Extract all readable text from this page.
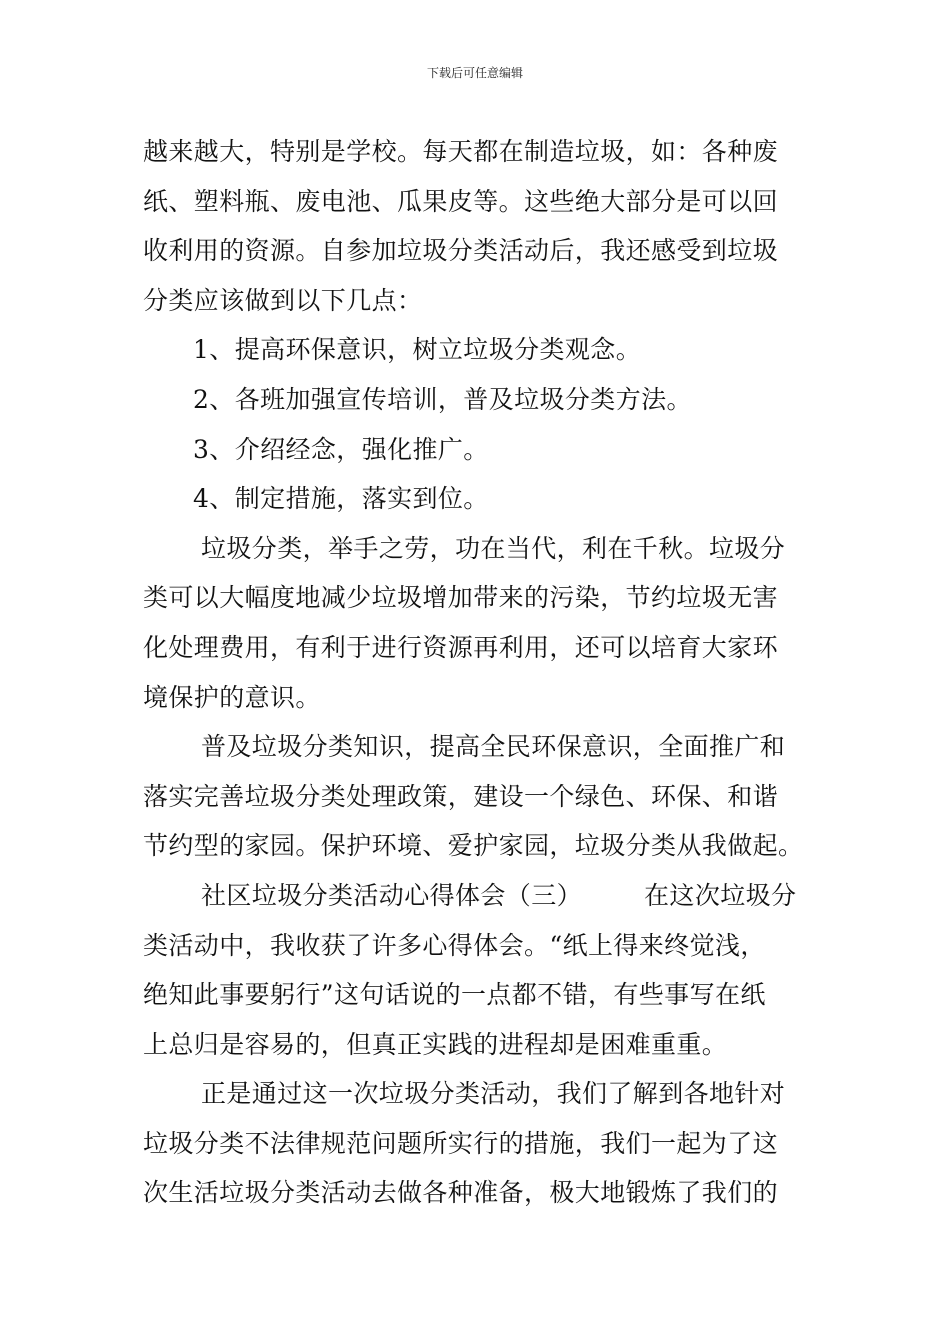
下载后可任意编辑
越来越大，特别是学校。每天都在制造垃圾，如：各种废
纸、塑料瓶、废电池、瓜果皮等。这些绝大部分是可以回
收利用的资源。自参加垃圾分类活动后，我还感受到垃圾
分类应该做到以下几点：
1、提高环保意识，树立垃圾分类观念。
2、各班加强宣传培训，普及垃圾分类方法。
3、介绍经念，强化推广。
4、制定措施，落实到位。
垃圾分类，举手之劳，功在当代，利在千秋。垃圾分
类可以大幅度地减少垃圾增加带来的污染，节约垃圾无害
化处理费用，有利于进行资源再利用，还可以培育大家环
境保护的意识。
普及垃圾分类知识，提高全民环保意识，全面推广和
落实完善垃圾分类处理政策，建设一个绿色、环保、和谐
节约型的家园。保护环境、爱护家园，垃圾分类从我做起。
社区垃圾分类活动心得体会（三） 在这次垃圾分
类活动中，我收获了许多心得体会。“纸上得来终觉浅，
绝知此事要躬行”这句话说的一点都不错，有些事写在纸
上总归是容易的，但真正实践的进程却是困难重重。
正是通过这一次垃圾分类活动，我们了解到各地针对
垃圾分类不法律规范问题所实行的措施，我们一起为了这
次生活垃圾分类活动去做各种准备，极大地锻炼了我们的
